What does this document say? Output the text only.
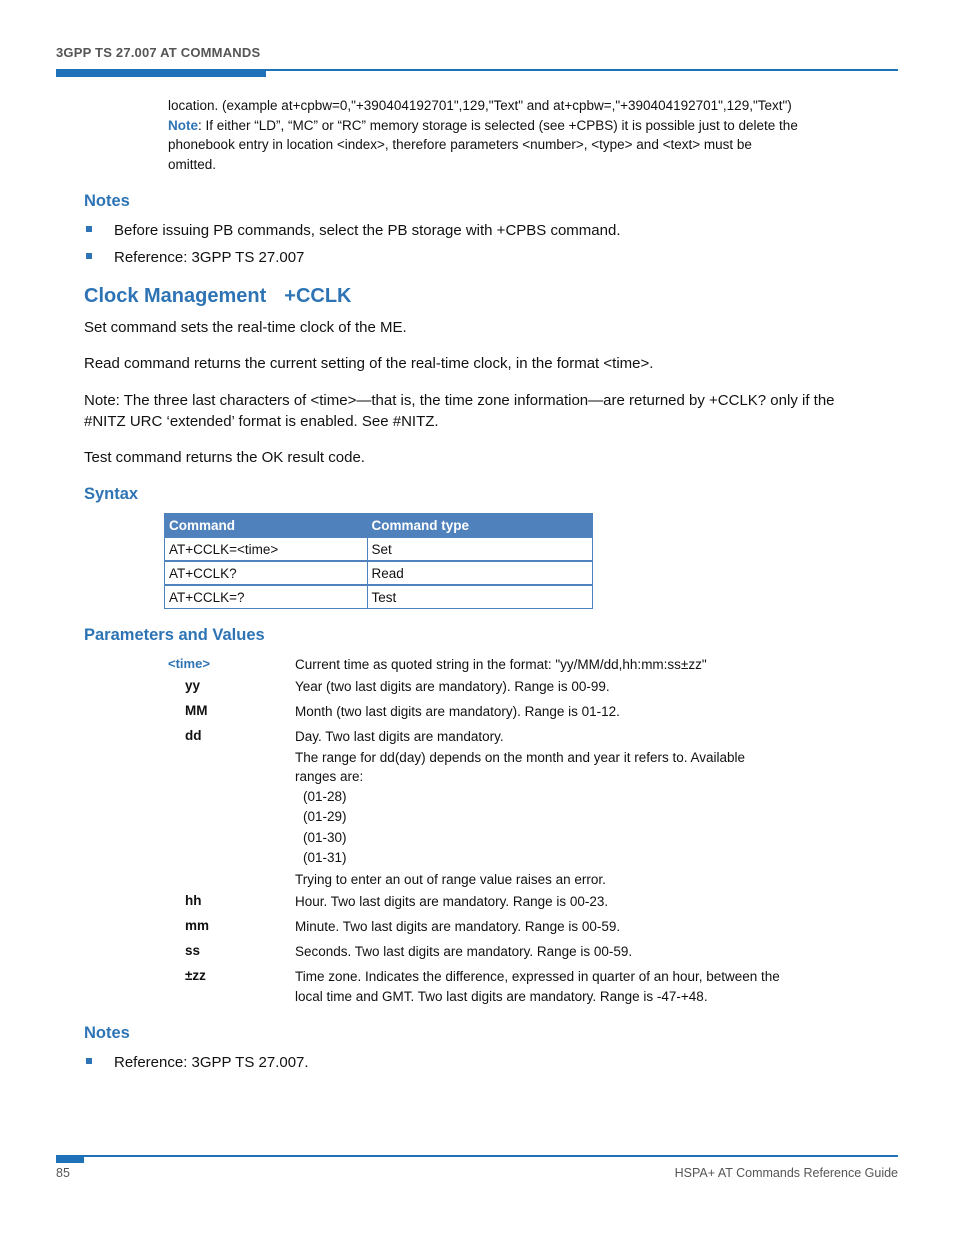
3GPP TS 27.007 AT COMMANDS
location. (example at+cpbw=0,"+390404192701",129,"Text" and at+cpbw=,"+390404192701",129,"Text")
Note: If either “LD”, “MC” or “RC” memory storage is selected (see +CPBS) it is possible just to delete the
phonebook entry in location <index>, therefore parameters <number>, <type> and <text> must be
omitted.
Notes
Before issuing PB commands, select the PB storage with +CPBS command.
Reference: 3GPP TS 27.007
Clock Management +CCLK
Set command sets the real-time clock of the ME.
Read command returns the current setting of the real-time clock, in the format <time>.
Note: The three last characters of <time>—that is, the time zone information—are returned by +CCLK? only if the
#NITZ URC ‘extended’ format is enabled. See #NITZ.
Test command returns the OK result code.
Syntax
Command	Command type
AT+CCLK=<time>	Set
AT+CCLK?	Read
AT+CCLK=?	Test
Parameters and Values
<time>	Current time as quoted string in the format: "yy/MM/dd,hh:mm:ss±zz"
yy	Year (two last digits are mandatory). Range is 00-99.
MM	Month (two last digits are mandatory). Range is 01-12.
dd	Day. Two last digits are mandatory.
The range for dd(day) depends on the month and year it refers to. Available
ranges are:
(01-28)
(01-29)
(01-30)
(01-31)
Trying to enter an out of range value raises an error.
hh	Hour. Two last digits are mandatory. Range is 00-23.
mm	Minute. Two last digits are mandatory. Range is 00-59.
ss	Seconds. Two last digits are mandatory. Range is 00-59.
±zz	Time zone. Indicates the difference, expressed in quarter of an hour, between the
local time and GMT. Two last digits are mandatory. Range is -47-+48.
Notes
Reference: 3GPP TS 27.007.
85	HSPA+ AT Commands Reference Guide
